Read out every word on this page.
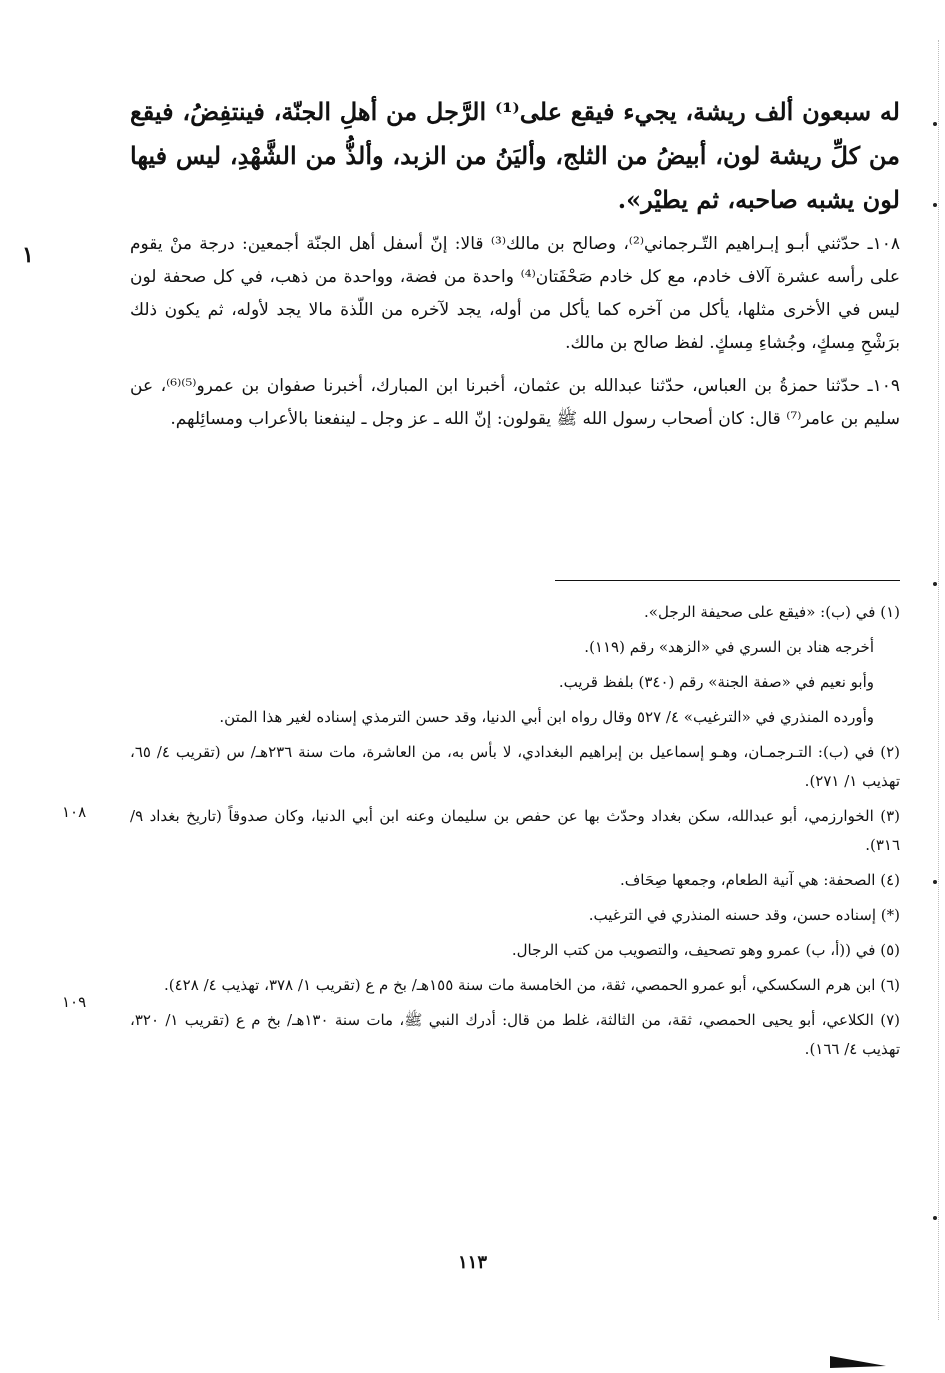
١

له سبعون ألف ريشة، يجيء فيقع على⁽¹⁾ الرَّجل من أهلِ الجنّة، فينتفِضُ، فيقع من كلِّ ريشة لون، أبيضُ من الثلج، وأليَنُ من الزبد، وألذُّ من الشَّهْدِ، ليس فيها لون يشبه صاحبه، ثم يطيْر».

١٠٨ـ حدّثني أبـو إبـراهيم التّـرجماني⁽²⁾، وصالح بن مالك⁽³⁾ قالا: إنّ أسفل أهل الجنّة أجمعين: درجة منْ يقوم على رأسه عشرة آلاف خادم، مع كل خادم صَحْفَتان⁽⁴⁾ واحدة من فضة، وواحدة من ذهب، في كل صحفة لون ليس في الأخرى مثلها، يأكل من آخره كما يأكل من أوله، يجد لآخره من اللّذة مالا يجد لأوله، ثم يكون ذلك برَشْحِ مِسكٍ، وجُشاءِ مِسكٍ. لفظ صالح بن مالك.

١٠٩ـ حدّثنا حمزةُ بن العباس، حدّثنا عبدالله بن عثمان، أخبرنا ابن المبارك، أخبرنا صفوان بن عمرو⁽⁵⁾⁽⁶⁾، عن سليم بن عامر⁽⁷⁾ قال: كان أصحاب رسول الله ﷺ يقولون: إنّ الله ـ عز وجل ـ لينفعنا بالأعراب ومسائِلهم.

(١) في (ب): «فيقع على صحيفة الرجل».

أخرجه هناد بن السري في «الزهد» رقم (١١٩).

وأبو نعيم في «صفة الجنة» رقم (٣٤٠) بلفظ قريب.

وأورده المنذري في «الترغيب» ٤/ ٥٢٧ وقال رواه ابن أبي الدنيا، وقد حسن الترمذي إسناده لغير هذا المتن.

(٢) في (ب): التـرجمـان، وهـو إسماعيل بن إبراهيم البغدادي، لا بأس به، من العاشرة، مات سنة ٢٣٦هـ/ س (تقريب ٤/ ٦٥، تهذيب ١/ ٢٧١).

(٣) الخوارزمي، أبو عبدالله، سكن بغداد وحدّث بها عن حفص بن سليمان وعنه ابن أبي الدنيا، وكان صدوقاً (تاريخ بغداد ٩/ ٣١٦).

(٤) الصحفة: هي آنية الطعام، وجمعها صِحَاف.

(*) إسناده حسن، وقد حسنه المنذري في الترغيب.

(٥) في ((أ، ب) عمرو وهو تصحيف، والتصويب من كتب الرجال.

(٦) ابن هرم السكسكي، أبو عمرو الحمصي، ثقة، من الخامسة مات سنة ١٥٥هـ/ بخ م ع (تقريب ١/ ٣٧٨، تهذيب ٤/ ٤٢٨).

(٧) الكلاعي، أبو يحيى الحمصي، ثقة، من الثالثة، غلط من قال: أدرك النبي ﷺ، مات سنة ١٣٠هـ/ بخ م ع (تقريب ١/ ٣٢٠، تهذيب ٤/ ١٦٦).

١٠٨
١٠٩
١١٣
